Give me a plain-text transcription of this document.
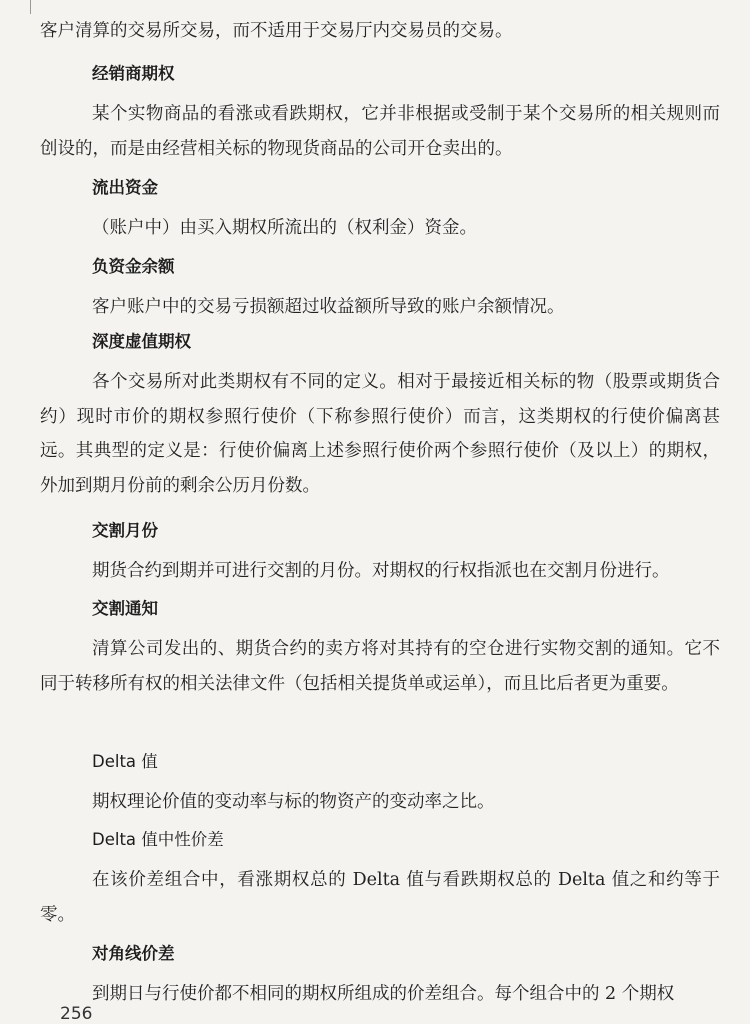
客户清算的交易所交易，而不适用于交易厅内交易员的交易。

经销商期权

某个实物商品的看涨或看跌期权，它并非根据或受制于某个交易所的相关规则而创设的，而是由经营相关标的物现货商品的公司开仓卖出的。

流出资金

（账户中）由买入期权所流出的（权利金）资金。

负资金余额

客户账户中的交易亏损额超过收益额所导致的账户余额情况。

深度虚值期权

各个交易所对此类期权有不同的定义。相对于最接近相关标的物（股票或期货合约）现时市价的期权参照行使价（下称参照行使价）而言，这类期权的行使价偏离甚远。其典型的定义是：行使价偏离上述参照行使价两个参照行使价（及以上）的期权，外加到期月份前的剩余公历月份数。

交割月份

期货合约到期并可进行交割的月份。对期权的行权指派也在交割月份进行。

交割通知

清算公司发出的、期货合约的卖方将对其持有的空仓进行实物交割的通知。它不同于转移所有权的相关法律文件（包括相关提货单或运单），而且比后者更为重要。

Delta 值

期权理论价值的变动率与标的物资产的变动率之比。

Delta 值中性价差

在该价差组合中，看涨期权总的 Delta 值与看跌期权总的 Delta 值之和约等于零。

对角线价差

到期日与行使价都不相同的期权所组成的价差组合。每个组合中的 2 个期权

256
